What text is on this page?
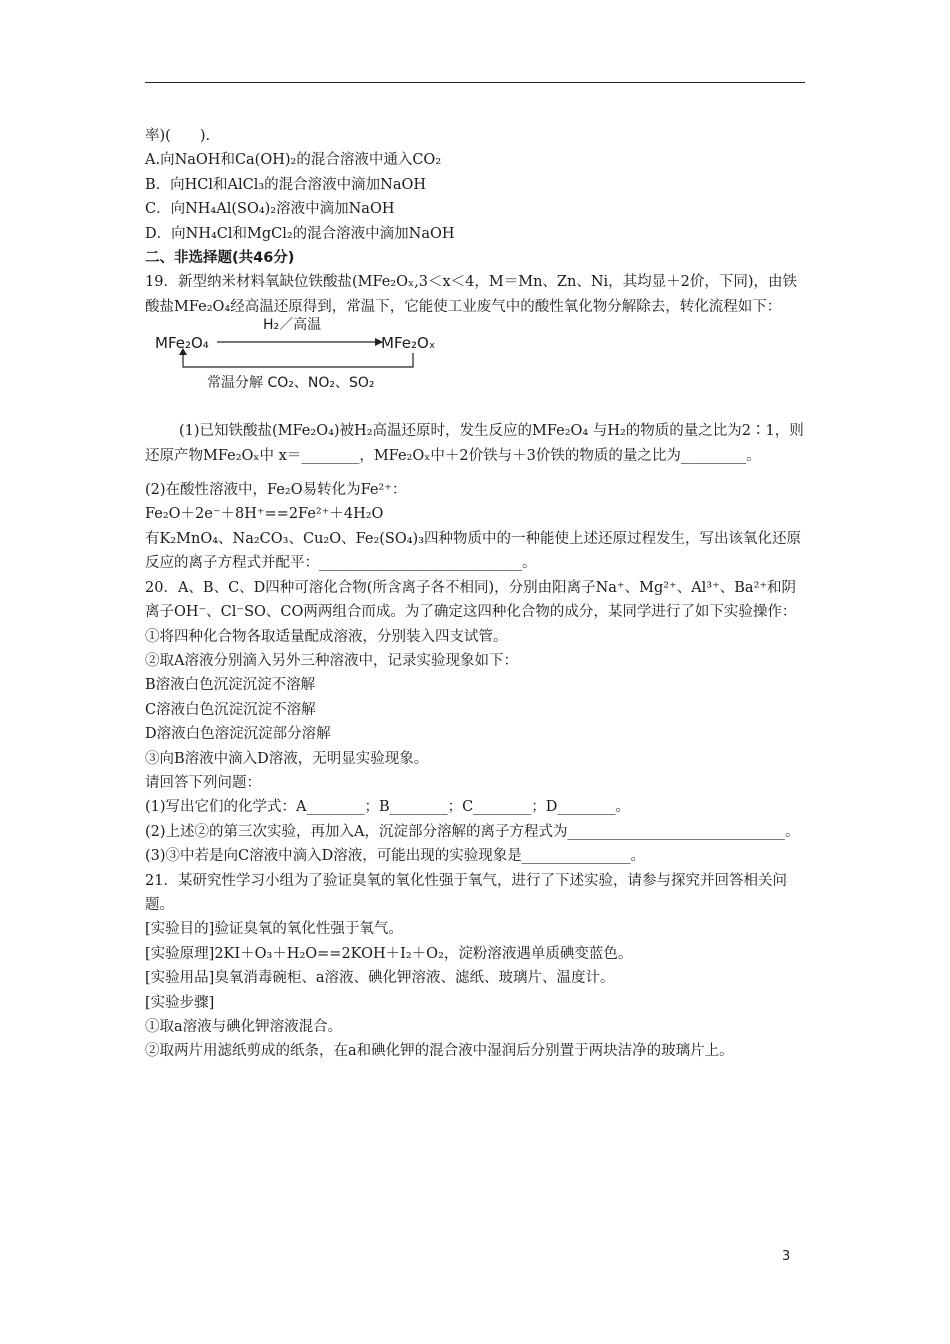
率)(　　).
A.向NaOH和Ca(OH)₂的混合溶液中通入CO₂
B．向HCl和AlCl₃的混合溶液中滴加NaOH
C．向NH₄Al(SO₄)₂溶液中滴加NaOH
D．向NH₄Cl和MgCl₂的混合溶液中滴加NaOH
二、非选择题(共46分)
19．新型纳米材料氧缺位铁酸盐(MFe₂Oₓ,3＜x＜4，M＝Mn、Zn、Ni，其均显＋2价，下同)，由铁酸盐MFe₂O₄经高温还原得到，常温下，它能使工业废气中的酸性氧化物分解除去，转化流程如下：
MFe₂O₄	MFe₂Oₓ
H₂／高温
常温分解 CO₂、NO₂、SO₂
(1)已知铁酸盐(MFe₂O₄)被H₂高温还原时，发生反应的MFe₂O₄ 与H₂的物质的量之比为2∶1，则还原产物MFe₂Oₓ中 x＝________，MFe₂Oₓ中＋2价铁与＋3价铁的物质的量之比为_________。
(2)在酸性溶液中，Fe₂O易转化为Fe²⁺：
Fe₂O＋2e⁻＋8H⁺==2Fe²⁺＋4H₂O
有K₂MnO₄、Na₂CO₃、Cu₂O、Fe₂(SO₄)₃四种物质中的一种能使上述还原过程发生，写出该氧化还原反应的离子方程式并配平：____________________________。
20．A、B、C、D四种可溶化合物(所含离子各不相同)，分别由阳离子Na⁺、Mg²⁺、Al³⁺、Ba²⁺和阴离子OH⁻、Cl⁻SO、CO两两组合而成。为了确定这四种化合物的成分，某同学进行了如下实验操作：
①将四种化合物各取适量配成溶液，分别装入四支试管。
②取A溶液分别滴入另外三种溶液中，记录实验现象如下：
B溶液白色沉淀沉淀不溶解
C溶液白色沉淀沉淀不溶解
D溶液白色溶淀沉淀部分溶解
③向B溶液中滴入D溶液，无明显实验现象。
请回答下列问题：
(1)写出它们的化学式：A________；B________；C________；D________。
(2)上述②的第三次实验，再加入A，沉淀部分溶解的离子方程式为______________________________。
(3)③中若是向C溶液中滴入D溶液，可能出现的实验现象是_______________。
21．某研究性学习小组为了验证臭氧的氧化性强于氧气，进行了下述实验，请参与探究并回答相关问题。
[实验目的]验证臭氧的氧化性强于氧气。
[实验原理]2KI＋O₃＋H₂O==2KOH＋I₂＋O₂，淀粉溶液遇单质碘变蓝色。
[实验用品]臭氧消毒碗柜、a溶液、碘化钾溶液、滤纸、玻璃片、温度计。
[实验步骤]
①取a溶液与碘化钾溶液混合。
②取两片用滤纸剪成的纸条，在a和碘化钾的混合液中湿润后分别置于两块洁净的玻璃片上。
3
